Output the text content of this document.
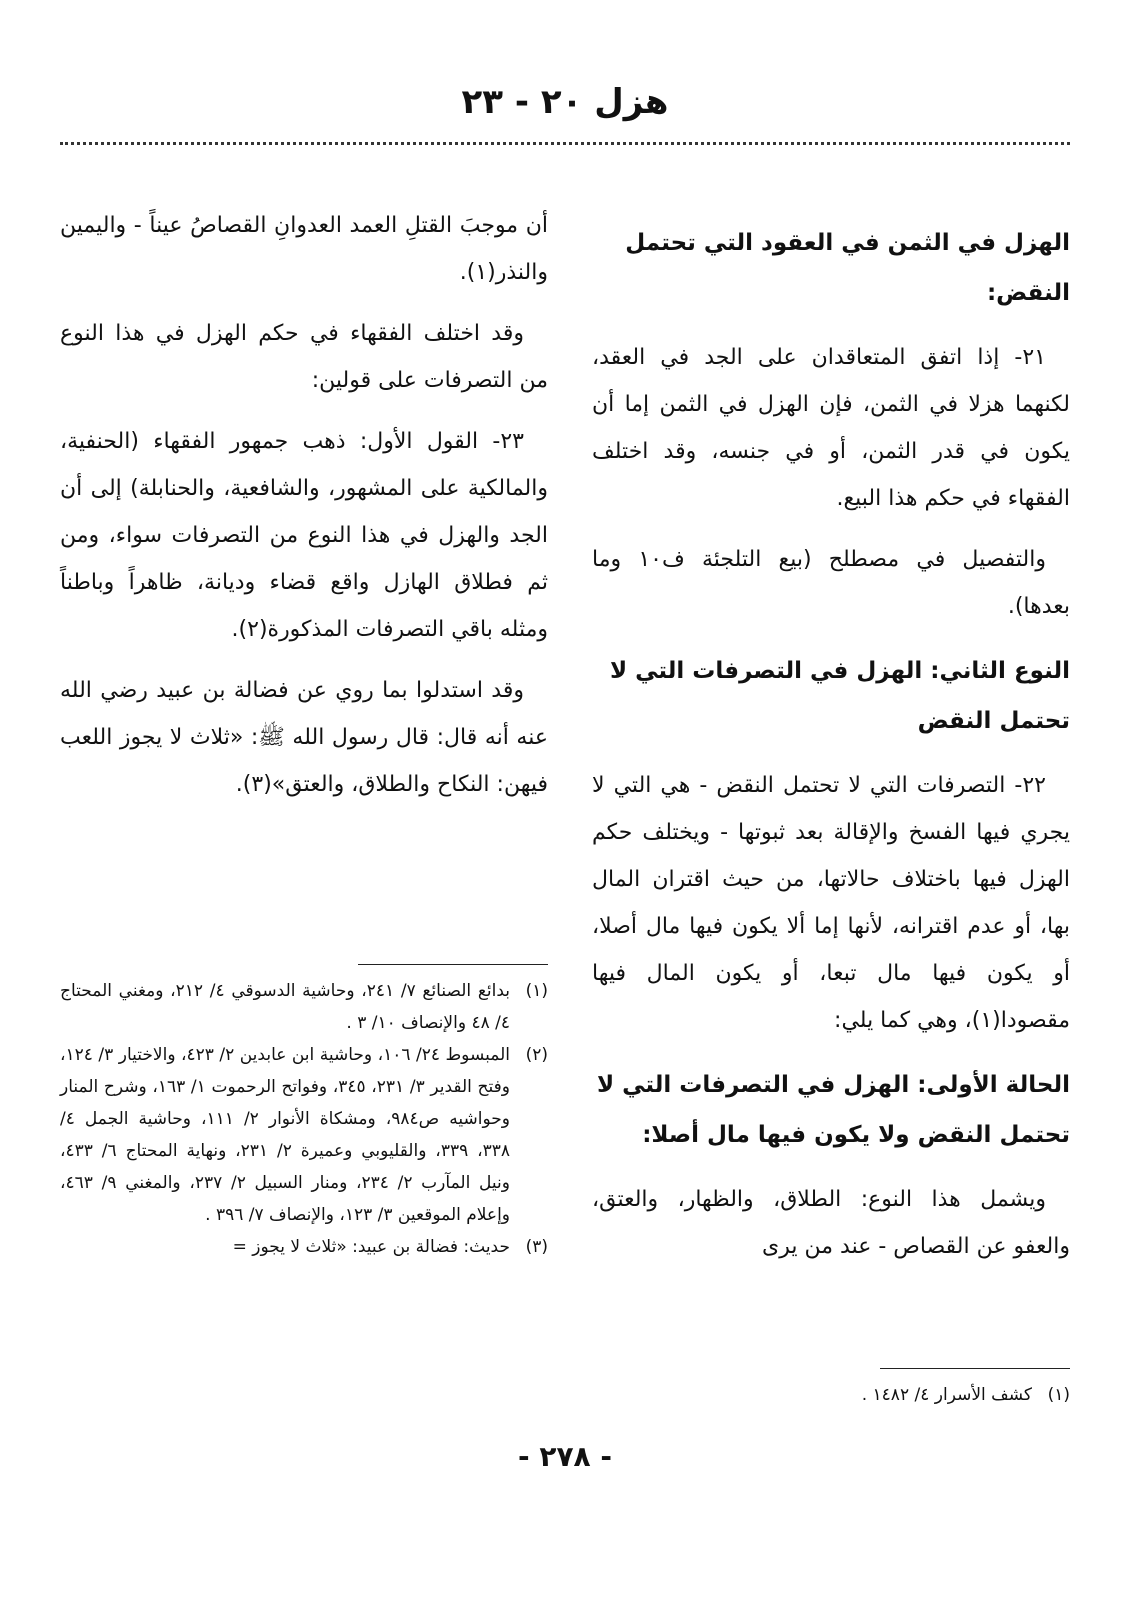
هزل ٢٠ - ٢٣
الهزل في الثمن في العقود التي تحتمل النقض:

٢١- إذا اتفق المتعاقدان على الجد في العقد، لكنهما هزلا في الثمن، فإن الهزل في الثمن إما أن يكون في قدر الثمن، أو في جنسه، وقد اختلف الفقهاء في حكم هذا البيع.

والتفصيل في مصطلح (بيع التلجئة ف١٠ وما بعدها).

النوع الثاني: الهزل في التصرفات التي لا تحتمل النقض

٢٢- التصرفات التي لا تحتمل النقض - هي التي لا يجري فيها الفسخ والإقالة بعد ثبوتها - ويختلف حكم الهزل فيها باختلاف حالاتها، من حيث اقتران المال بها، أو عدم اقترانه، لأنها إما ألا يكون فيها مال أصلا، أو يكون فيها مال تبعا، أو يكون المال فيها مقصودا(١)، وهي كما يلي:

الحالة الأولى: الهزل في التصرفات التي لا تحتمل النقض ولا يكون فيها مال أصلا:

ويشمل هذا النوع: الطلاق، والظهار، والعتق، والعفو عن القصاص - عند من يرى

(١)
كشف الأسرار ٤/ ١٤٨٢ .

أن موجبَ القتلِ العمد العدوانِ القصاصُ عيناً - واليمين والنذر(١).

وقد اختلف الفقهاء في حكم الهزل في هذا النوع من التصرفات على قولين:

٢٣- القول الأول: ذهب جمهور الفقهاء (الحنفية، والمالكية على المشهور، والشافعية، والحنابلة) إلى أن الجد والهزل في هذا النوع من التصرفات سواء، ومن ثم فطلاق الهازل واقع قضاء وديانة، ظاهراً وباطناً ومثله باقي التصرفات المذكورة(٢).

وقد استدلوا بما روي عن فضالة بن عبيد رضي الله عنه أنه قال: قال رسول الله ﷺ: «ثلاث لا يجوز اللعب فيهن: النكاح والطلاق، والعتق»(٣).

(١)
بدائع الصنائع ٧/ ٢٤١، وحاشية الدسوقي ٤/ ٢١٢، ومغني المحتاج ٤/ ٤٨ والإنصاف ١٠/ ٣ .
(٢)
المبسوط ٢٤/ ١٠٦، وحاشية ابن عابدين ٢/ ٤٢٣، والاختيار ٣/ ١٢٤، وفتح القدير ٣/ ٢٣١، ٣٤٥، وفواتح الرحموت ١/ ١٦٣، وشرح المنار وحواشيه ص٩٨٤، ومشكاة الأنوار ٢/ ١١١، وحاشية الجمل ٤/ ٣٣٨، ٣٣٩، والقليوبي وعميرة ٢/ ٢٣١، ونهاية المحتاج ٦/ ٤٣٣، ونيل المآرب ٢/ ٢٣٤، ومنار السبيل ٢/ ٢٣٧، والمغني ٩/ ٤٦٣، وإعلام الموقعين ٣/ ١٢٣، والإنصاف ٧/ ٣٩٦ .
(٣)
حديث: فضالة بن عبيد: «ثلاث لا يجوز =
- ٢٧٨ -
